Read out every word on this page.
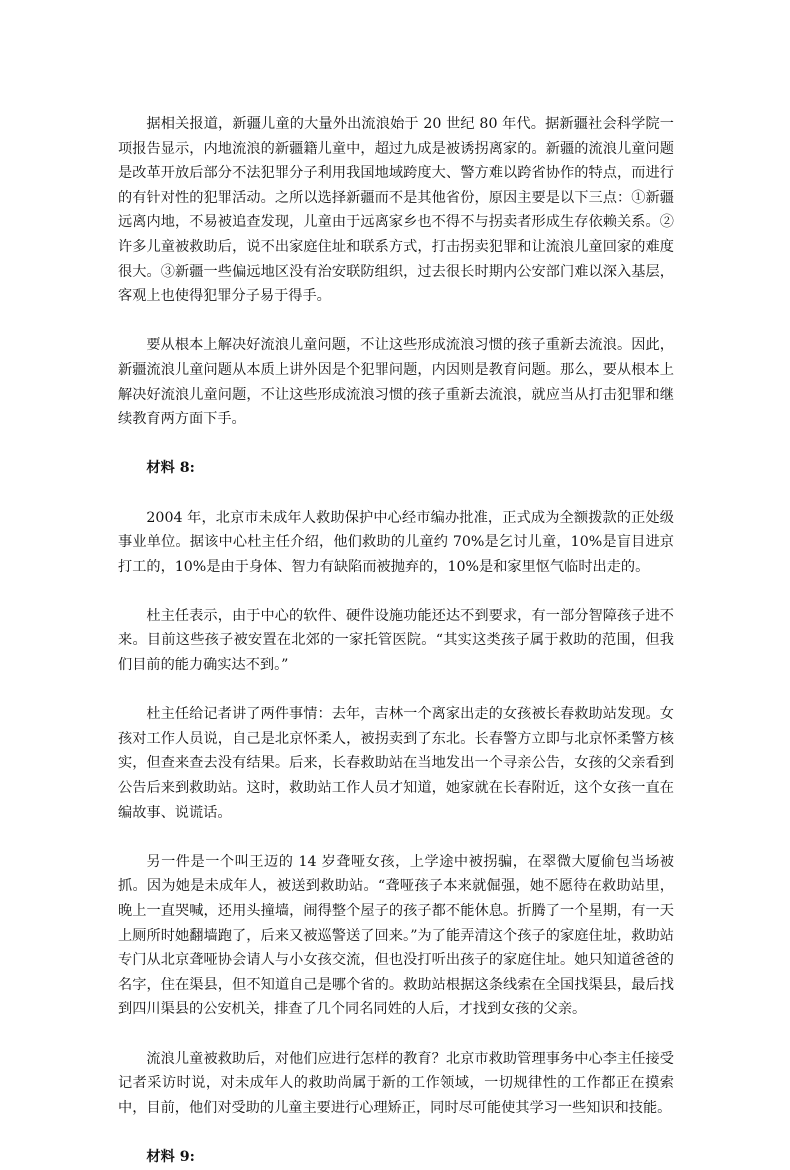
据相关报道，新疆儿童的大量外出流浪始于 20 世纪 80 年代。据新疆社会科学院一项报告显示，内地流浪的新疆籍儿童中，超过九成是被诱拐离家的。新疆的流浪儿童问题是改革开放后部分不法犯罪分子利用我国地域跨度大、警方难以跨省协作的特点，而进行的有针对性的犯罪活动。之所以选择新疆而不是其他省份，原因主要是以下三点：①新疆远离内地，不易被追查发现，儿童由于远离家乡也不得不与拐卖者形成生存依赖关系。②许多儿童被救助后，说不出家庭住址和联系方式，打击拐卖犯罪和让流浪儿童回家的难度很大。③新疆一些偏远地区没有治安联防组织，过去很长时期内公安部门难以深入基层，客观上也使得犯罪分子易于得手。

要从根本上解决好流浪儿童问题，不让这些形成流浪习惯的孩子重新去流浪。因此，新疆流浪儿童问题从本质上讲外因是个犯罪问题，内因则是教育问题。那么，要从根本上解决好流浪儿童问题，不让这些形成流浪习惯的孩子重新去流浪，就应当从打击犯罪和继续教育两方面下手。

材料 8:

2004 年，北京市未成年人救助保护中心经市编办批准，正式成为全额拨款的正处级事业单位。据该中心杜主任介绍，他们救助的儿童约 70%是乞讨儿童，10%是盲目进京打工的，10%是由于身体、智力有缺陷而被抛弃的，10%是和家里怄气临时出走的。

杜主任表示，由于中心的软件、硬件设施功能还达不到要求，有一部分智障孩子进不来。目前这些孩子被安置在北郊的一家托管医院。“其实这类孩子属于救助的范围，但我们目前的能力确实达不到。”

杜主任给记者讲了两件事情：去年，吉林一个离家出走的女孩被长春救助站发现。女孩对工作人员说，自己是北京怀柔人，被拐卖到了东北。长春警方立即与北京怀柔警方核实，但查来查去没有结果。后来，长春救助站在当地发出一个寻亲公告，女孩的父亲看到公告后来到救助站。这时，救助站工作人员才知道，她家就在长春附近，这个女孩一直在编故事、说谎话。

另一件是一个叫王迈的 14 岁聋哑女孩，上学途中被拐骗，在翠微大厦偷包当场被抓。因为她是未成年人，被送到救助站。“聋哑孩子本来就倔强，她不愿待在救助站里，晚上一直哭喊，还用头撞墙，闹得整个屋子的孩子都不能休息。折腾了一个星期，有一天上厕所时她翻墙跑了，后来又被巡警送了回来。”为了能弄清这个孩子的家庭住址，救助站专门从北京聋哑协会请人与小女孩交流，但也没打听出孩子的家庭住址。她只知道爸爸的名字，住在渠县，但不知道自己是哪个省的。救助站根据这条线索在全国找渠县，最后找到四川渠县的公安机关，排查了几个同名同姓的人后，才找到女孩的父亲。

流浪儿童被救助后，对他们应进行怎样的教育？北京市救助管理事务中心李主任接受记者采访时说，对未成年人的救助尚属于新的工作领域，一切规律性的工作都正在摸索中，目前，他们对受助的儿童主要进行心理矫正，同时尽可能使其学习一些知识和技能。

材料 9:
